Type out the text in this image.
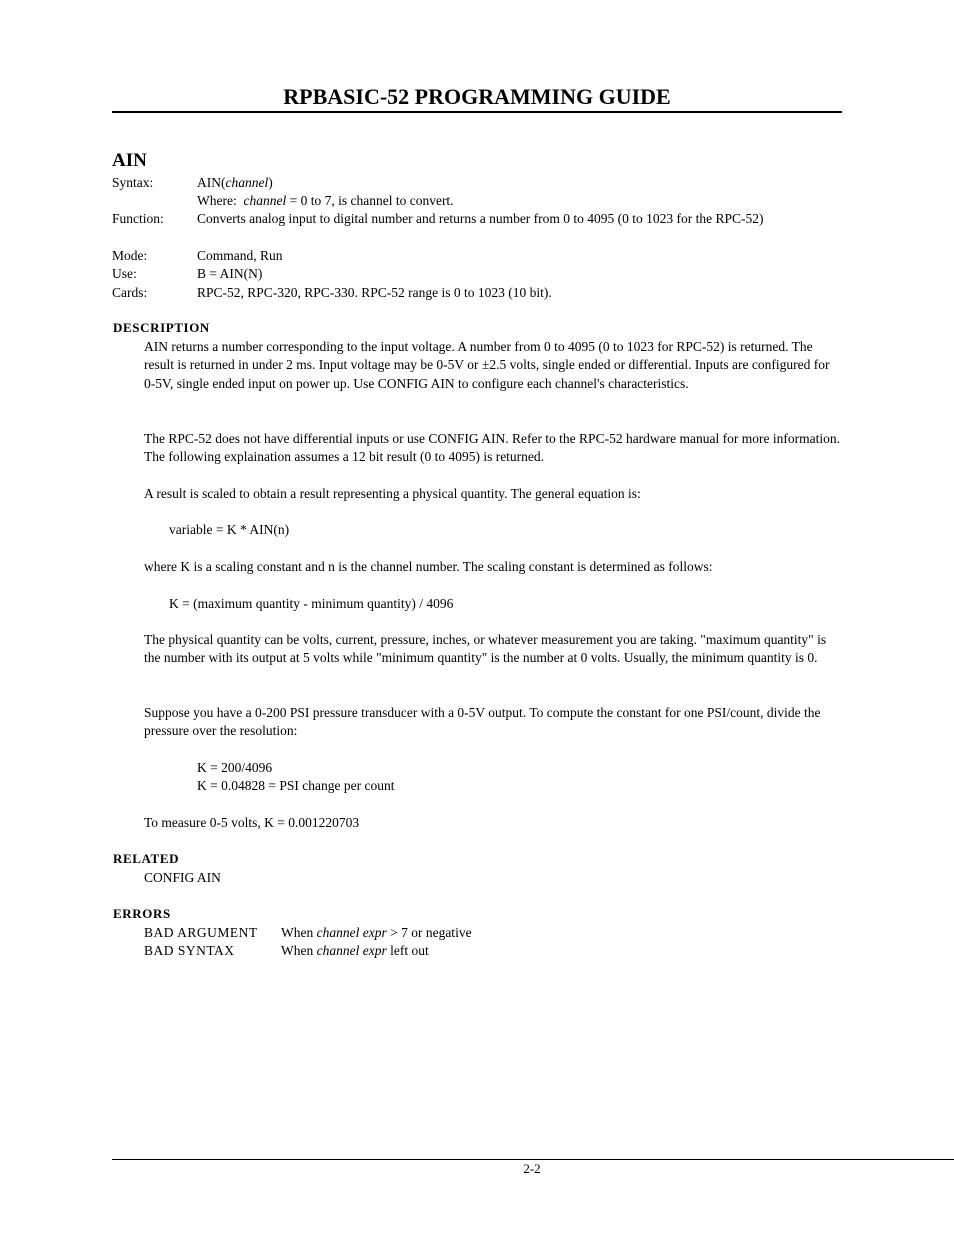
RPBASIC-52 PROGRAMMING GUIDE
AIN
Syntax:	AIN(channel)
Where: channel = 0 to 7, is channel to convert.
Function: Converts analog input to digital number and returns a number from 0 to 4095 (0 to 1023 for the RPC-52)
Mode:	Command, Run
Use:	B = AIN(N)
Cards:	RPC-52, RPC-320, RPC-330. RPC-52 range is 0 to 1023 (10 bit).
DESCRIPTION
AIN returns a number corresponding to the input voltage. A number from 0 to 4095 (0 to 1023 for RPC-52) is returned. The result is returned in under 2 ms. Input voltage may be 0-5V or ±2.5 volts, single ended or differential. Inputs are configured for 0-5V, single ended input on power up. Use CONFIG AIN to configure each channel's characteristics.
The RPC-52 does not have differential inputs or use CONFIG AIN. Refer to the RPC-52 hardware manual for more information. The following explaination assumes a 12 bit result (0 to 4095) is returned.
A result is scaled to obtain a result representing a physical quantity. The general equation is:
variable = K * AIN(n)
where K is a scaling constant and n is the channel number. The scaling constant is determined as follows:
K = (maximum quantity - minimum quantity) / 4096
The physical quantity can be volts, current, pressure, inches, or whatever measurement you are taking. "maximum quantity" is the number with its output at 5 volts while "minimum quantity" is the number at 0 volts. Usually, the minimum quantity is 0.
Suppose you have a 0-200 PSI pressure transducer with a 0-5V output. To compute the constant for one PSI/count, divide the pressure over the resolution:
K = 200/4096
K = 0.04828 = PSI change per count
To measure 0-5 volts, K = 0.001220703
RELATED
CONFIG AIN
ERRORS
BAD ARGUMENT When channel expr > 7 or negative
BAD SYNTAX	When channel expr left out
2-2
